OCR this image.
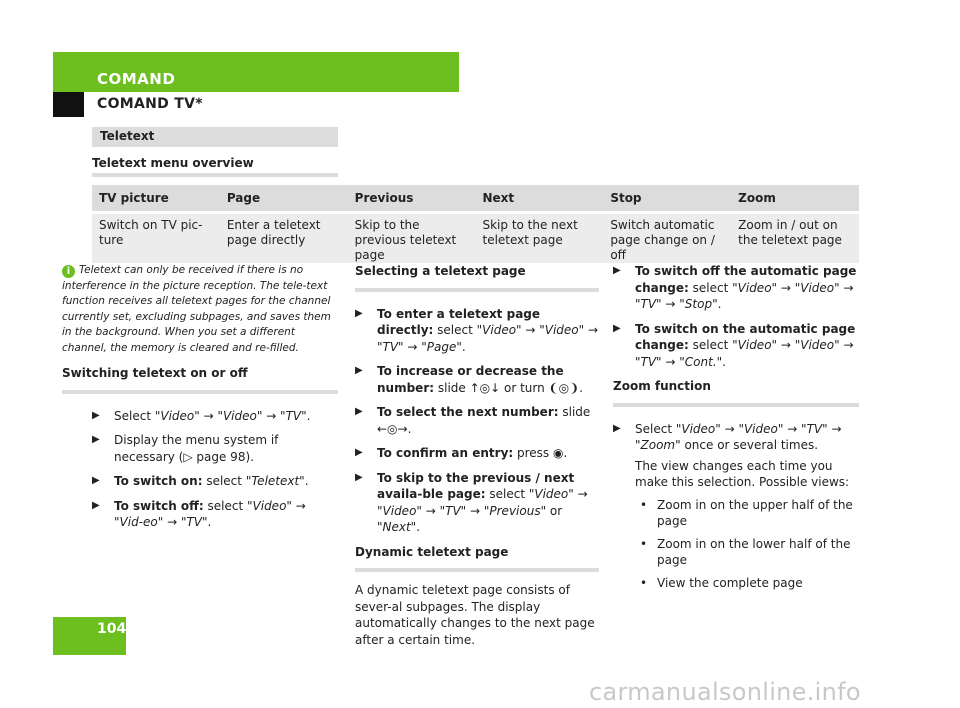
COMAND
COMAND TV*
Teletext
Teletext menu overview
TV picture	Page	Previous	Next	Stop	Zoom
Switch on TV pic-ture	Enter a teletext page directly	Skip to the previous teletext page	Skip to the next teletext page	Switch automatic page change on / off	Zoom in / out on the teletext page
i Teletext can only be received if there is no interference in the picture reception. The tele-text function receives all teletext pages for the channel currently set, excluding subpages, and saves them in the background. When you set a different channel, the memory is cleared and re-filled.
Switching teletext on or off
▶ Select "Video" → "Video" → "TV".
▶ Display the menu system if necessary (▷ page 98).
▶ To switch on: select "Teletext".
▶ To switch off: select "Video" → "Vid-eo" → "TV".
Selecting a teletext page
▶ To enter a teletext page directly: select "Video" → "Video" → "TV" → "Page".
▶ To increase or decrease the number: slide ↑◎↓ or turn ❨◎❩.
▶ To select the next number: slide ←◎→.
▶ To confirm an entry: press ◉.
▶ To skip to the previous / next availa-ble page: select "Video" → "Video" → "TV" → "Previous" or "Next".
Dynamic teletext page

A dynamic teletext page consists of sever-al subpages. The display automatically changes to the next page after a certain time.

▶ To switch off the automatic page change: select "Video" → "Video" → "TV" → "Stop".
▶ To switch on the automatic page change: select "Video" → "Video" → "TV" → "Cont.".
Zoom function
▶ Select "Video" → "Video" → "TV" → "Zoom" once or several times.

The view changes each time you make this selection. Possible views:

• Zoom in on the upper half of the page
• Zoom in on the lower half of the page
• View the complete page
104
carmanualsonline.info
